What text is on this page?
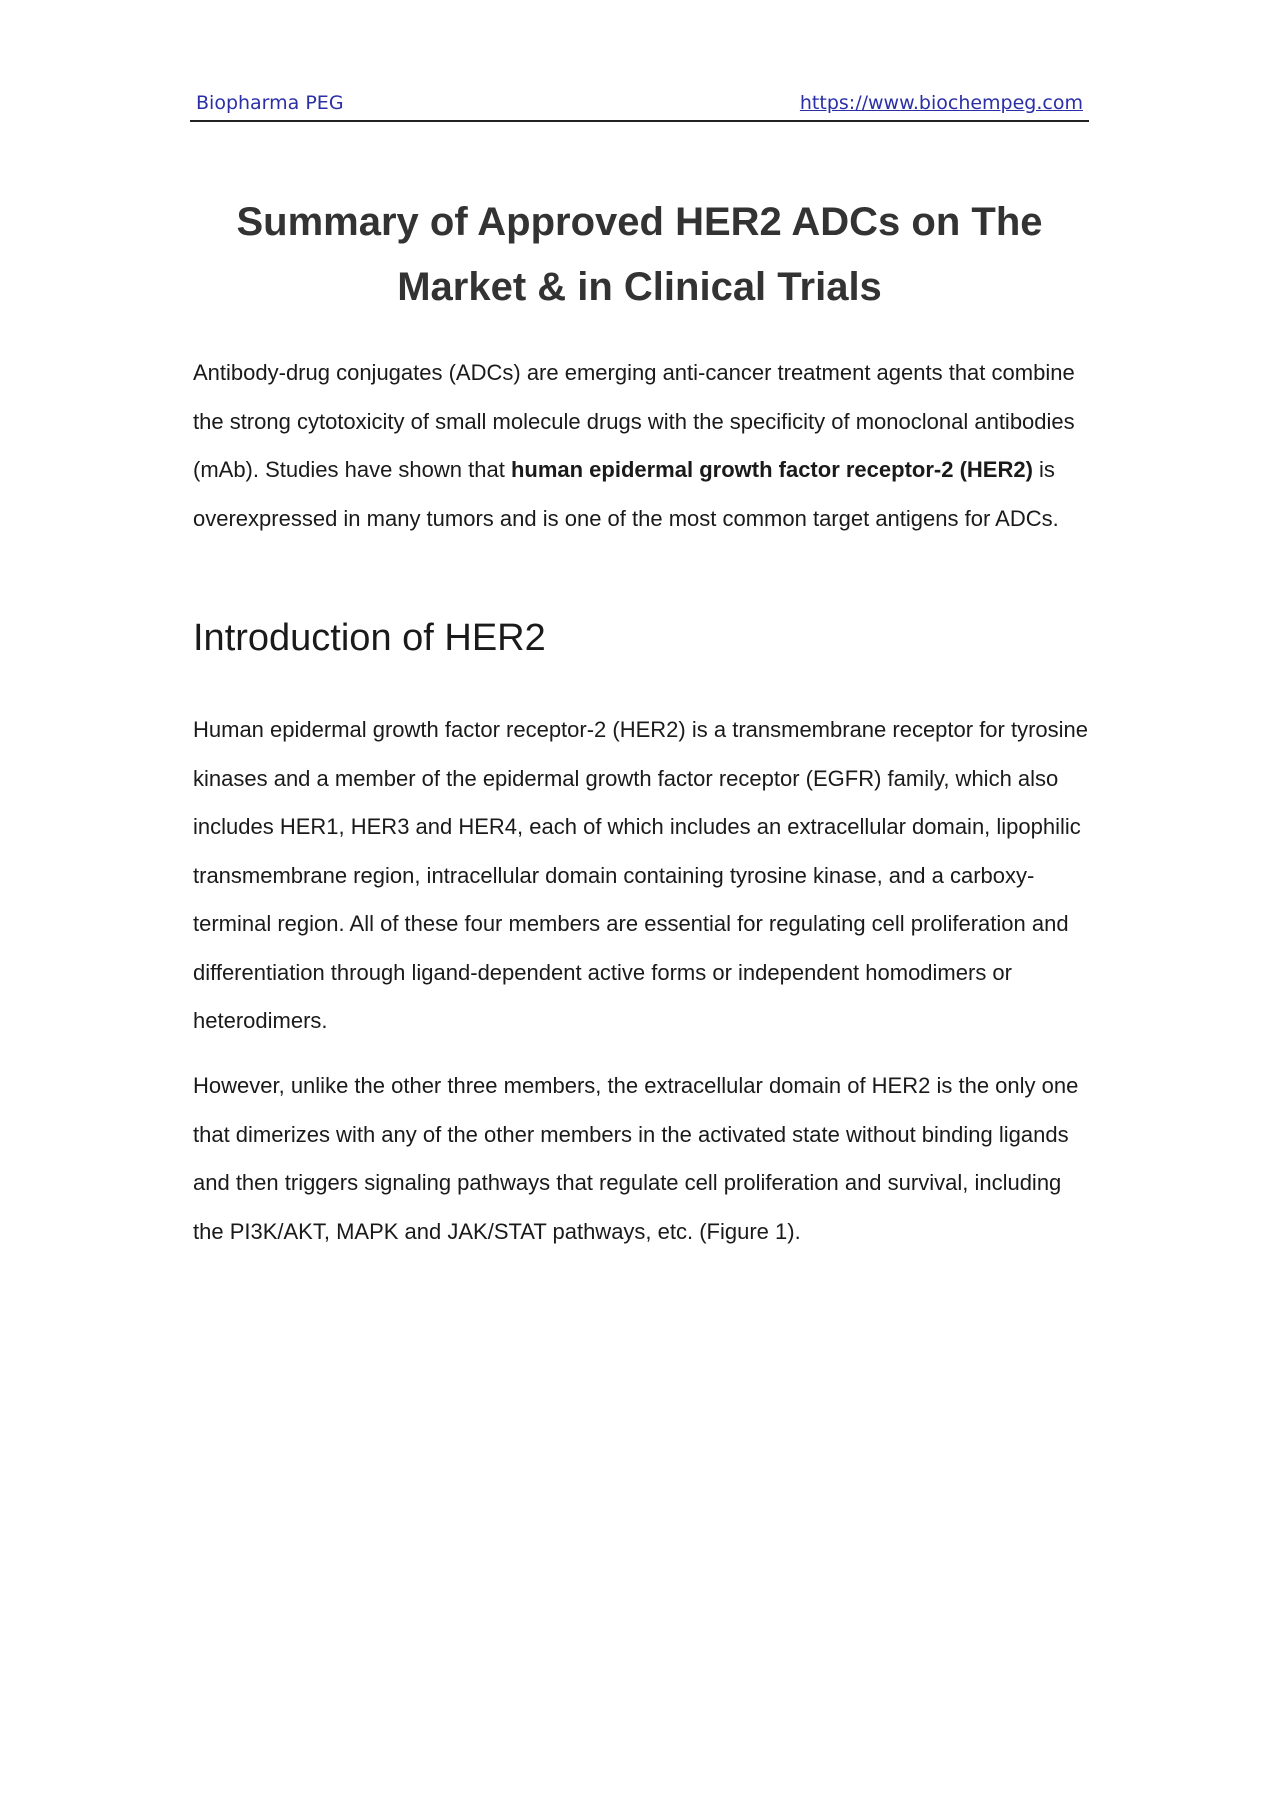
Biopharma PEG	https://www.biochempeg.com
Summary of Approved HER2 ADCs on The Market & in Clinical Trials

Antibody-drug conjugates (ADCs) are emerging anti-cancer treatment agents that combine the strong cytotoxicity of small molecule drugs with the specificity of monoclonal antibodies (mAb). Studies have shown that human epidermal growth factor receptor-2 (HER2) is overexpressed in many tumors and is one of the most common target antigens for ADCs.

Introduction of HER2

Human epidermal growth factor receptor-2 (HER2) is a transmembrane receptor for tyrosine kinases and a member of the epidermal growth factor receptor (EGFR) family, which also includes HER1, HER3 and HER4, each of which includes an extracellular domain, lipophilic transmembrane region, intracellular domain containing tyrosine kinase, and a carboxy-terminal region. All of these four members are essential for regulating cell proliferation and differentiation through ligand-dependent active forms or independent homodimers or heterodimers.

However, unlike the other three members, the extracellular domain of HER2 is the only one that dimerizes with any of the other members in the activated state without binding ligands and then triggers signaling pathways that regulate cell proliferation and survival, including the PI3K/AKT, MAPK and JAK/STAT pathways, etc. (Figure 1).
